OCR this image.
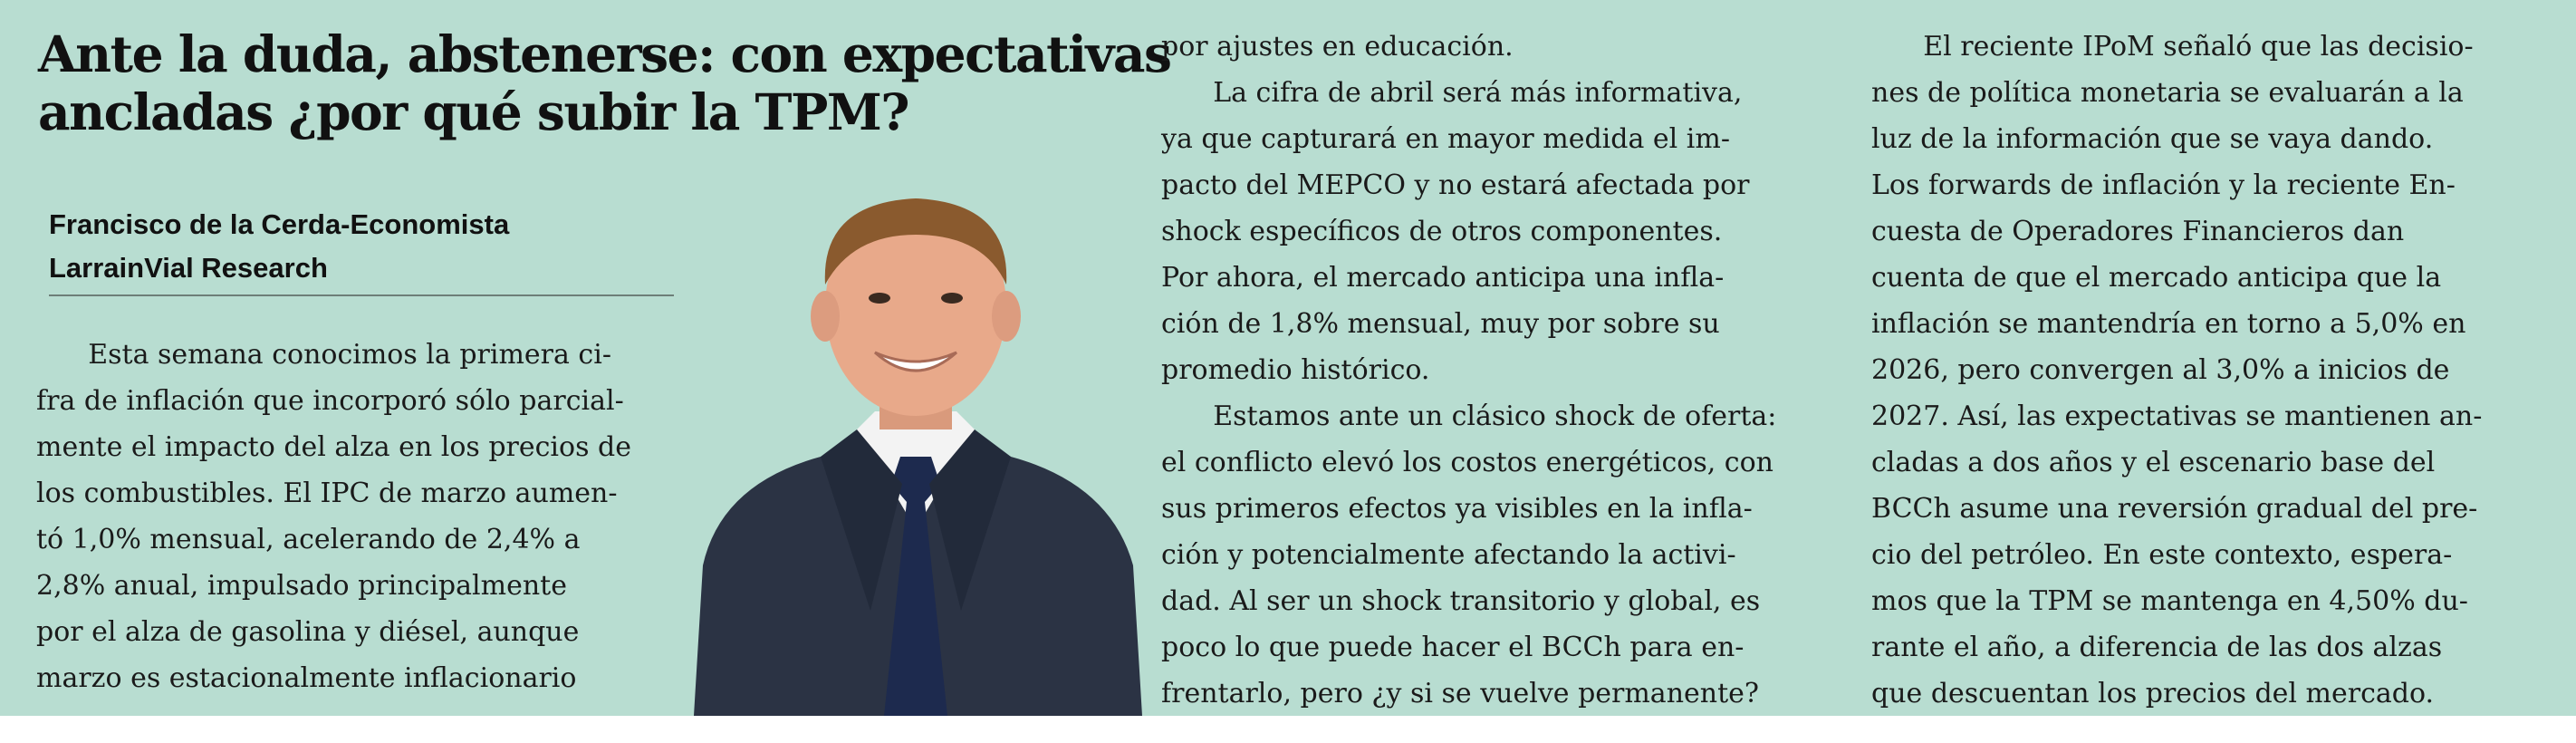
Ante la duda, abstenerse: con expectativas
ancladas ¿por qué subir la TPM?
Francisco de la Cerda-Economista
LarrainVial Research
Esta semana conocimos la primera ci-
fra de inflación que incorporó sólo parcial-
mente el impacto del alza en los precios de
los combustibles. El IPC de marzo aumen-
tó 1,0% mensual, acelerando de 2,4% a
2,8% anual, impulsado principalmente
por el alza de gasolina y diésel, aunque
marzo es estacionalmente inflacionario
por ajustes en educación.
La cifra de abril será más informativa,
ya que capturará en mayor medida el im-
pacto del MEPCO y no estará afectada por
shock específicos de otros componentes.
Por ahora, el mercado anticipa una infla-
ción de 1,8% mensual, muy por sobre su
promedio histórico.
Estamos ante un clásico shock de oferta:
el conflicto elevó los costos energéticos, con
sus primeros efectos ya visibles en la infla-
ción y potencialmente afectando la activi-
dad. Al ser un shock transitorio y global, es
poco lo que puede hacer el BCCh para en-
frentarlo, pero ¿y si se vuelve permanente?
El reciente IPoM señaló que las decisio-
nes de política monetaria se evaluarán a la
luz de la información que se vaya dando.
Los forwards de inflación y la reciente En-
cuesta de Operadores Financieros dan
cuenta de que el mercado anticipa que la
inflación se mantendría en torno a 5,0% en
2026, pero convergen al 3,0% a inicios de
2027. Así, las expectativas se mantienen an-
cladas a dos años y el escenario base del
BCCh asume una reversión gradual del pre-
cio del petróleo. En este contexto, espera-
mos que la TPM se mantenga en 4,50% du-
rante el año, a diferencia de las dos alzas
que descuentan los precios del mercado.
